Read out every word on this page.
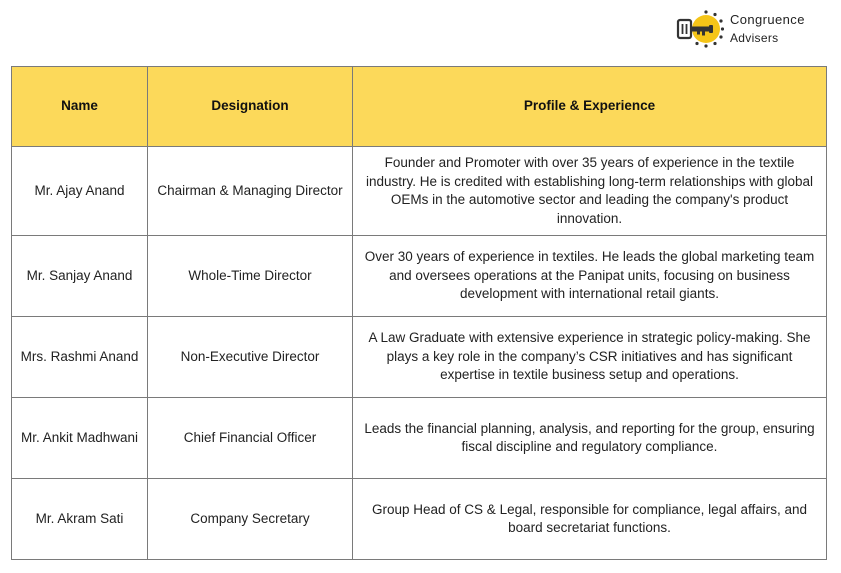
Congruence
Advisers
Name	Designation	Profile & Experience
Mr. Ajay Anand	Chairman & Managing Director	Founder and Promoter with over 35 years of experience in the textile industry. He is credited with establishing long-term relationships with global OEMs in the automotive sector and leading the company's product innovation.
Mr. Sanjay Anand	Whole-Time Director	Over 30 years of experience in textiles. He leads the global marketing team and oversees operations at the Panipat units, focusing on business development with international retail giants.
Mrs. Rashmi Anand	Non-Executive Director	A Law Graduate with extensive experience in strategic policy-making. She plays a key role in the company’s CSR initiatives and has significant expertise in textile business setup and operations.
Mr. Ankit Madhwani	Chief Financial Officer	Leads the financial planning, analysis, and reporting for the group, ensuring fiscal discipline and regulatory compliance.
Mr. Akram Sati	Company Secretary	Group Head of CS & Legal, responsible for compliance, legal affairs, and board secretariat functions.
